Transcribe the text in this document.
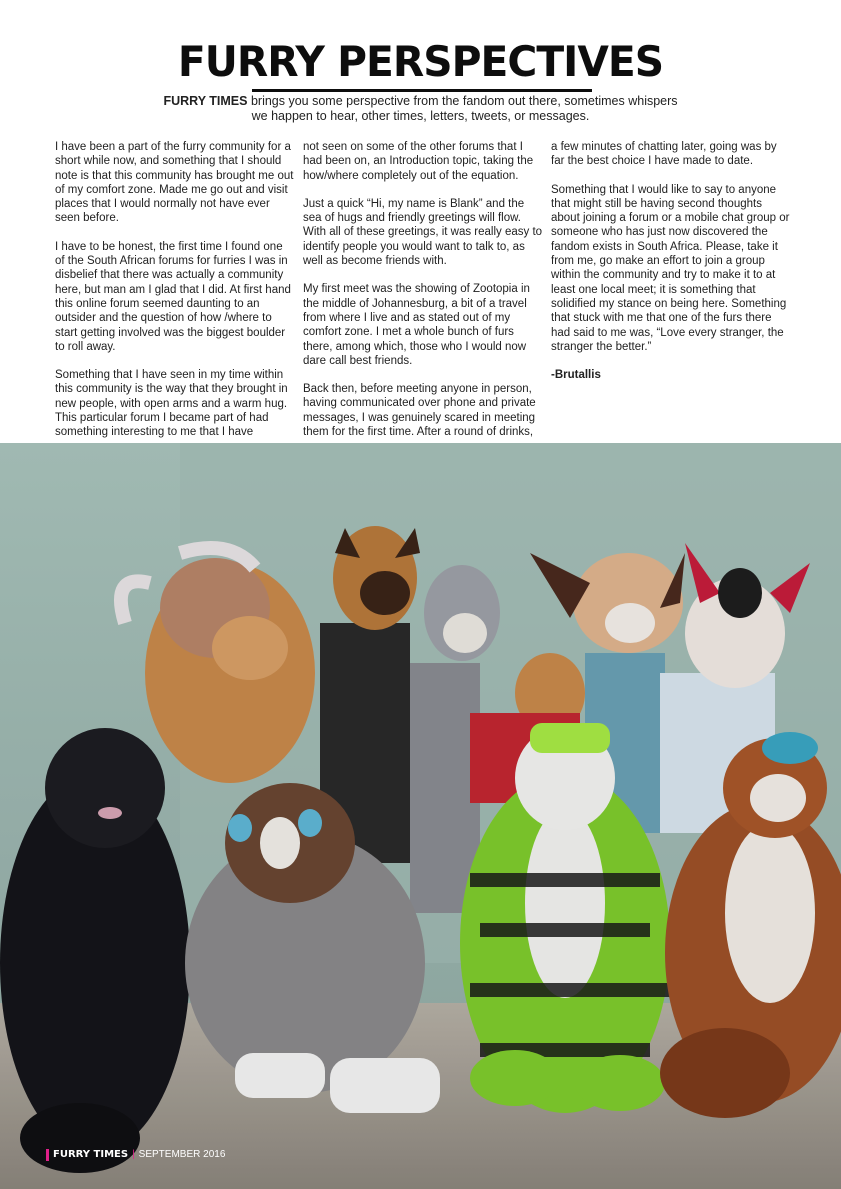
FURRY PERSPECTIVES
FURRY TIMES brings you some perspective from the fandom out there, sometimes whispers
we happen to hear, other times, letters, tweets, or messages.

I have been a part of the furry community for a short while now, and something that I should note is that this community has brought me out of my comfort zone. Made me go out and visit places that I would normally not have ever seen before.

I have to be honest, the first time I found one of the South African forums for furries I was in disbelief that there was actually a community here, but man am I glad that I did. At first hand this online forum seemed daunting to an outsider and the question of how /where to start getting involved was the biggest boulder to roll away.

Something that I have seen in my time within this community is the way that they brought in new people, with open arms and a warm hug. This particular forum I became part of had something interesting to me that I have

not seen on some of the other forums that I had been on, an Introduction topic, taking the how/where completely out of the equation.

Just a quick “Hi, my name is Blank” and the sea of hugs and friendly greetings will flow. With all of these greetings, it was really easy to identify people you would want to talk to, as well as become friends with.

My first meet was the showing of Zootopia in the middle of Johannesburg, a bit of a travel from where I live and as stated out of my comfort zone. I met a whole bunch of furs there, among which, those who I would now dare call best friends.

Back then, before meeting anyone in person, having communicated over phone and private messages, I was genuinely scared in meeting them for the first time. After a round of drinks,

a few minutes of chatting later, going was by far the best choice I have made to date.

Something that I would like to say to anyone that might still be having second thoughts about joining a forum or a mobile chat group or someone who has just now discovered the fandom exists in South Africa. Please, take it from me, go make an effort to join a group within the community and try to make it to at least one local meet; it is something that solidified my stance on being here. Something that stuck with me that one of the furs there had said to me was, “Love every stranger, the stranger the better.”

-Brutallis

FURRY TIMES | SEPTEMBER 2016
